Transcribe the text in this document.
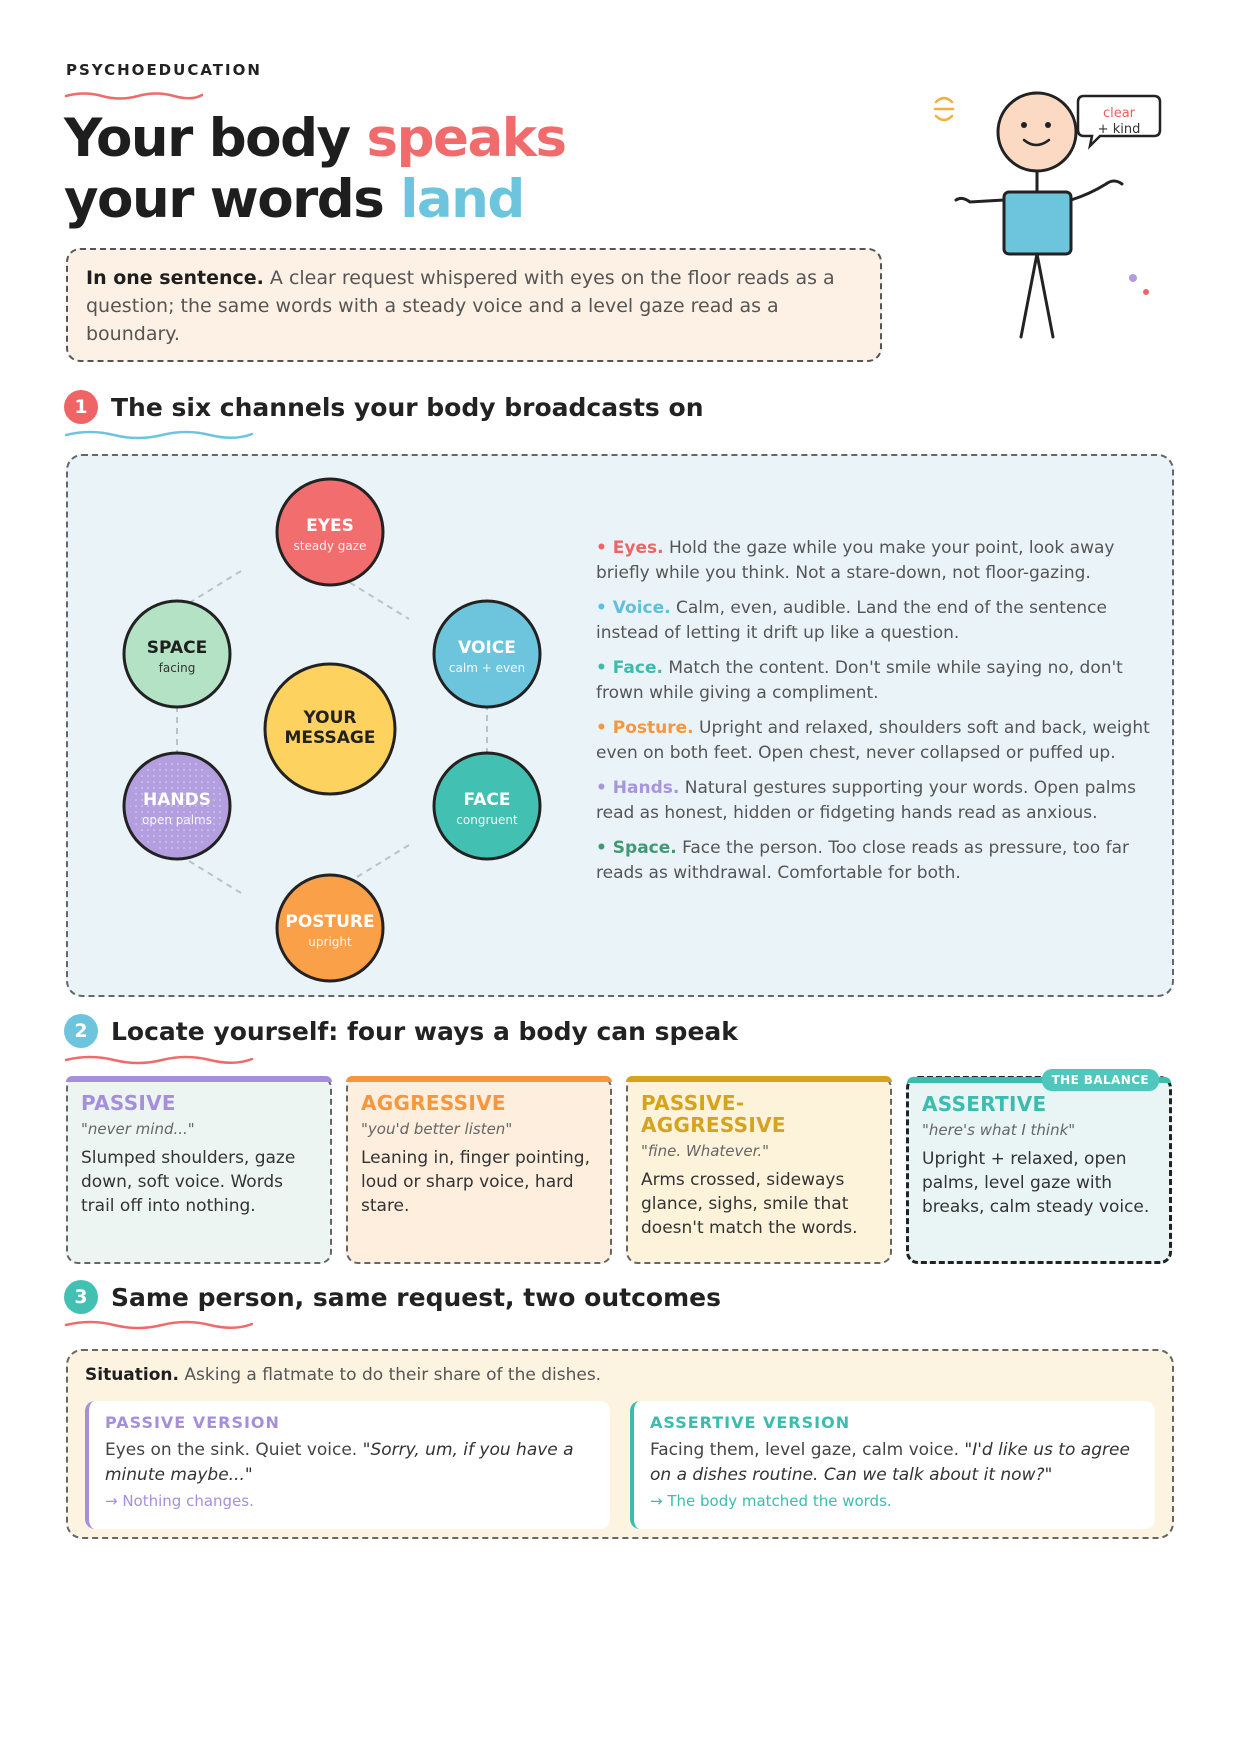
PSYCHOEDUCATION
Your body speaks
your words land
clear
+ kind
In one sentence. A clear request whispered with eyes on the floor reads as a question; the same words with a steady voice and a level gaze read as a boundary.
1 The six channels your body broadcasts on
EYES
steady gaze
VOICE
calm + even
FACE
congruent
POSTURE
upright
HANDS
open palms
SPACE
facing
YOUR
MESSAGE
• Eyes. Hold the gaze while you make your point, look away briefly while you think. Not a stare-down, not floor-gazing.
• Voice. Calm, even, audible. Land the end of the sentence instead of letting it drift up like a question.
• Face. Match the content. Don't smile while saying no, don't frown while giving a compliment.
• Posture. Upright and relaxed, shoulders soft and back, weight even on both feet. Open chest, never collapsed or puffed up.
• Hands. Natural gestures supporting your words. Open palms read as honest, hidden or fidgeting hands read as anxious.
• Space. Face the person. Too close reads as pressure, too far reads as withdrawal. Comfortable for both.
2 Locate yourself: four ways a body can speak
PASSIVE
"never mind..."
Slumped shoulders, gaze down, soft voice. Words trail off into nothing.
AGGRESSIVE
"you'd better listen"
Leaning in, finger pointing, loud or sharp voice, hard stare.
PASSIVE-
AGGRESSIVE
"fine. Whatever."
Arms crossed, sideways glance, sighs, smile that doesn't match the words.
THE BALANCE
ASSERTIVE
"here's what I think"
Upright + relaxed, open palms, level gaze with breaks, calm steady voice.
3 Same person, same request, two outcomes
Situation. Asking a flatmate to do their share of the dishes.
PASSIVE VERSION
Eyes on the sink. Quiet voice. "Sorry, um, if you have a minute maybe..."
→ Nothing changes.
ASSERTIVE VERSION
Facing them, level gaze, calm voice. "I'd like us to agree on a dishes routine. Can we talk about it now?"
→ The body matched the words.
